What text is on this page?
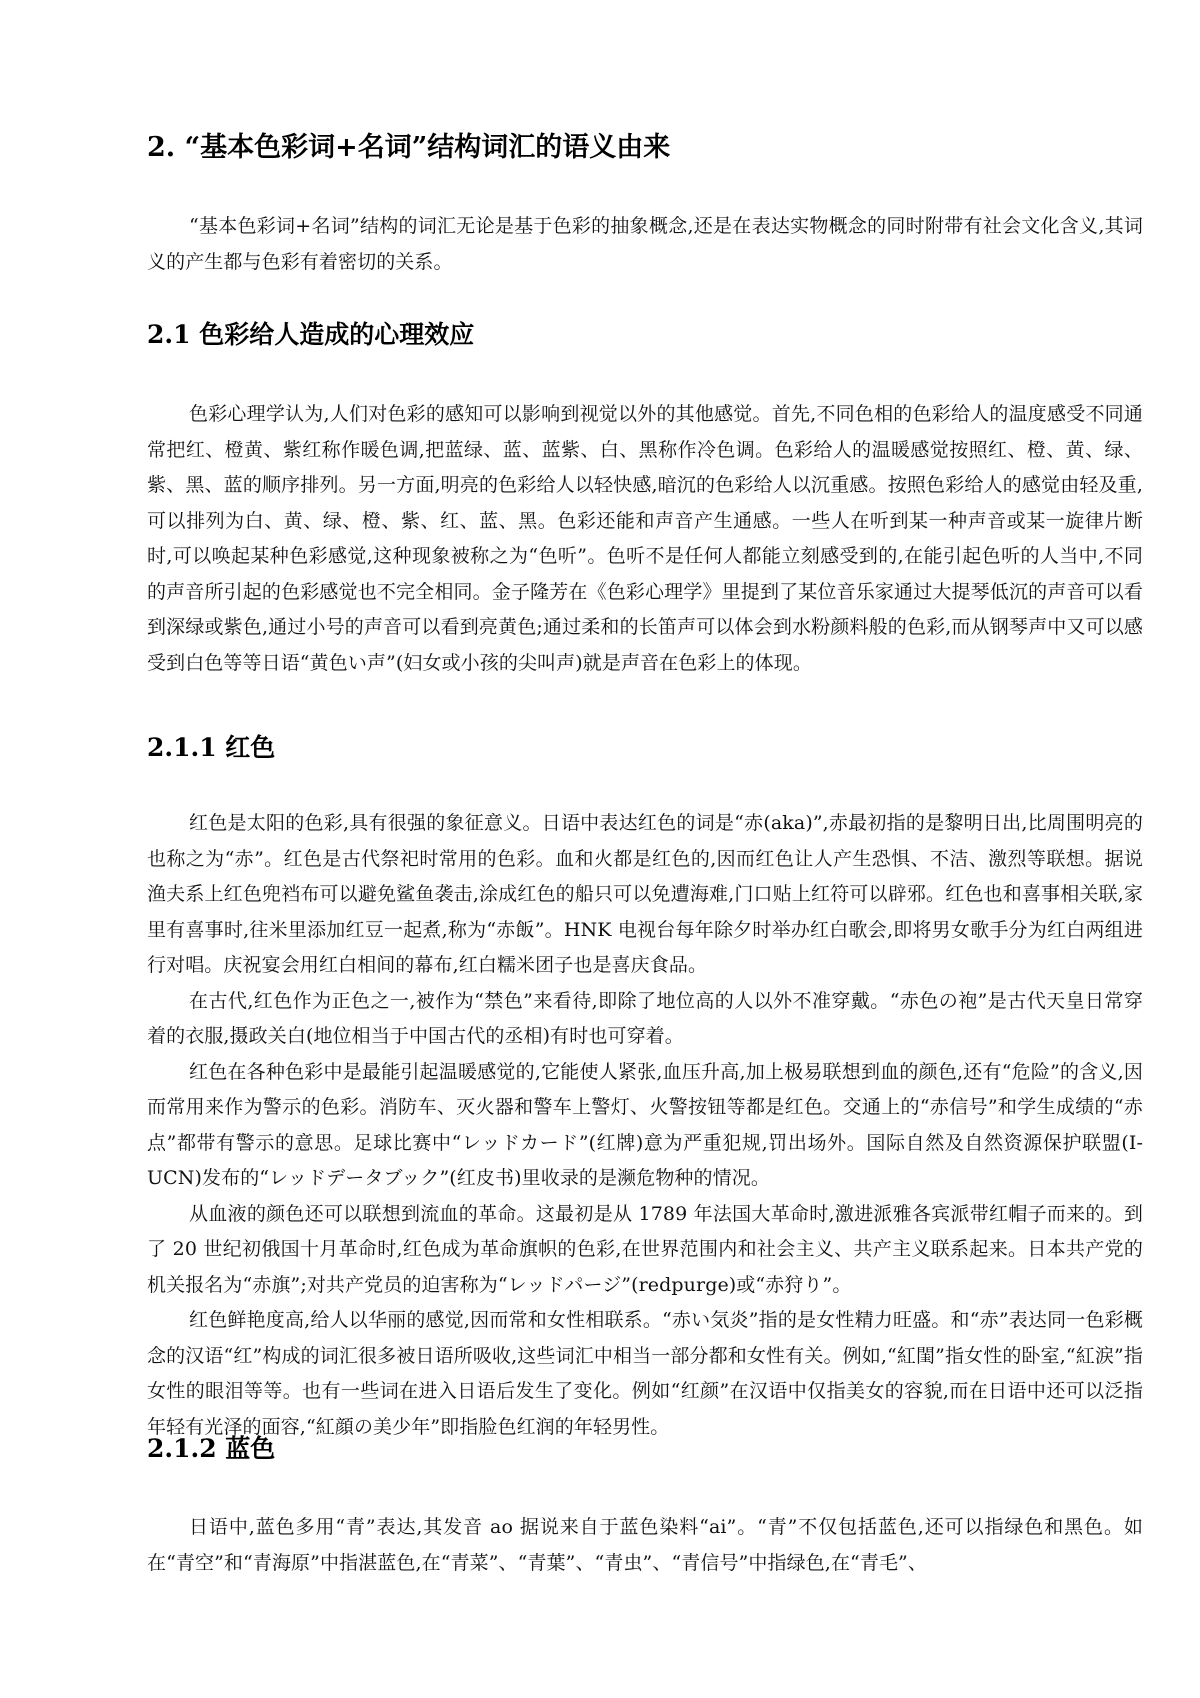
2. “基本色彩词+名词”结构词汇的语义由来

“基本色彩词+名词”结构的词汇无论是基于色彩的抽象概念,还是在表达实物概念的同时附带有社会文化含义,其词义的产生都与色彩有着密切的关系。

2.1 色彩给人造成的心理效应

色彩心理学认为,人们对色彩的感知可以影响到视觉以外的其他感觉。首先,不同色相的色彩给人的温度感受不同通常把红、橙黄、紫红称作暖色调,把蓝绿、蓝、蓝紫、白、黑称作冷色调。色彩给人的温暖感觉按照红、橙、黄、绿、紫、黑、蓝的顺序排列。另一方面,明亮的色彩给人以轻快感,暗沉的色彩给人以沉重感。按照色彩给人的感觉由轻及重,可以排列为白、黄、绿、橙、紫、红、蓝、黑。色彩还能和声音产生通感。一些人在听到某一种声音或某一旋律片断时,可以唤起某种色彩感觉,这种现象被称之为“色听”。色听不是任何人都能立刻感受到的,在能引起色听的人当中,不同的声音所引起的色彩感觉也不完全相同。金子隆芳在《色彩心理学》里提到了某位音乐家通过大提琴低沉的声音可以看到深绿或紫色,通过小号的声音可以看到亮黄色;通过柔和的长笛声可以体会到水粉颜料般的色彩,而从钢琴声中又可以感受到白色等等日语“黄色い声”(妇女或小孩的尖叫声)就是声音在色彩上的体现。

2.1.1 红色

红色是太阳的色彩,具有很强的象征意义。日语中表达红色的词是“赤(aka)”,赤最初指的是黎明日出,比周围明亮的也称之为“赤”。红色是古代祭祀时常用的色彩。血和火都是红色的,因而红色让人产生恐惧、不洁、激烈等联想。据说渔夫系上红色兜裆布可以避免鲨鱼袭击,涂成红色的船只可以免遭海难,门口贴上红符可以辟邪。红色也和喜事相关联,家里有喜事时,往米里添加红豆一起煮,称为“赤飯”。HNK 电视台每年除夕时举办红白歌会,即将男女歌手分为红白两组进行对唱。庆祝宴会用红白相间的幕布,红白糯米团子也是喜庆食品。

在古代,红色作为正色之一,被作为“禁色”来看待,即除了地位高的人以外不准穿戴。“赤色の袍”是古代天皇日常穿着的衣服,摄政关白(地位相当于中国古代的丞相)有时也可穿着。

红色在各种色彩中是最能引起温暖感觉的,它能使人紧张,血压升高,加上极易联想到血的颜色,还有“危险”的含义,因而常用来作为警示的色彩。消防车、灭火器和警车上警灯、火警按钮等都是红色。交通上的“赤信号”和学生成绩的“赤点”都带有警示的意思。足球比赛中“レッドカード”(红牌)意为严重犯规,罚出场外。国际自然及自然资源保护联盟(I-UCN)发布的“レッドデータブック”(红皮书)里收录的是濒危物种的情况。

从血液的颜色还可以联想到流血的革命。这最初是从 1789 年法国大革命时,激进派雅各宾派带红帽子而来的。到了 20 世纪初俄国十月革命时,红色成为革命旗帜的色彩,在世界范围内和社会主义、共产主义联系起来。日本共产党的机关报名为“赤旗”;对共产党员的迫害称为“レッドパージ”(redpurge)或“赤狩り”。

红色鲜艳度高,给人以华丽的感觉,因而常和女性相联系。“赤い気炎”指的是女性精力旺盛。和“赤”表达同一色彩概念的汉语“红”构成的词汇很多被日语所吸收,这些词汇中相当一部分都和女性有关。例如,“紅閨”指女性的卧室,“紅涙”指女性的眼泪等等。也有一些词在进入日语后发生了变化。例如“红颜”在汉语中仅指美女的容貌,而在日语中还可以泛指年轻有光泽的面容,“紅顔の美少年”即指脸色红润的年轻男性。

2.1.2 蓝色

日语中,蓝色多用“青”表达,其发音 ao 据说来自于蓝色染料“ai”。“青”不仅包括蓝色,还可以指绿色和黑色。如在“青空”和“青海原”中指湛蓝色,在“青菜”、“青葉”、“青虫”、“青信号”中指绿色,在“青毛”、
